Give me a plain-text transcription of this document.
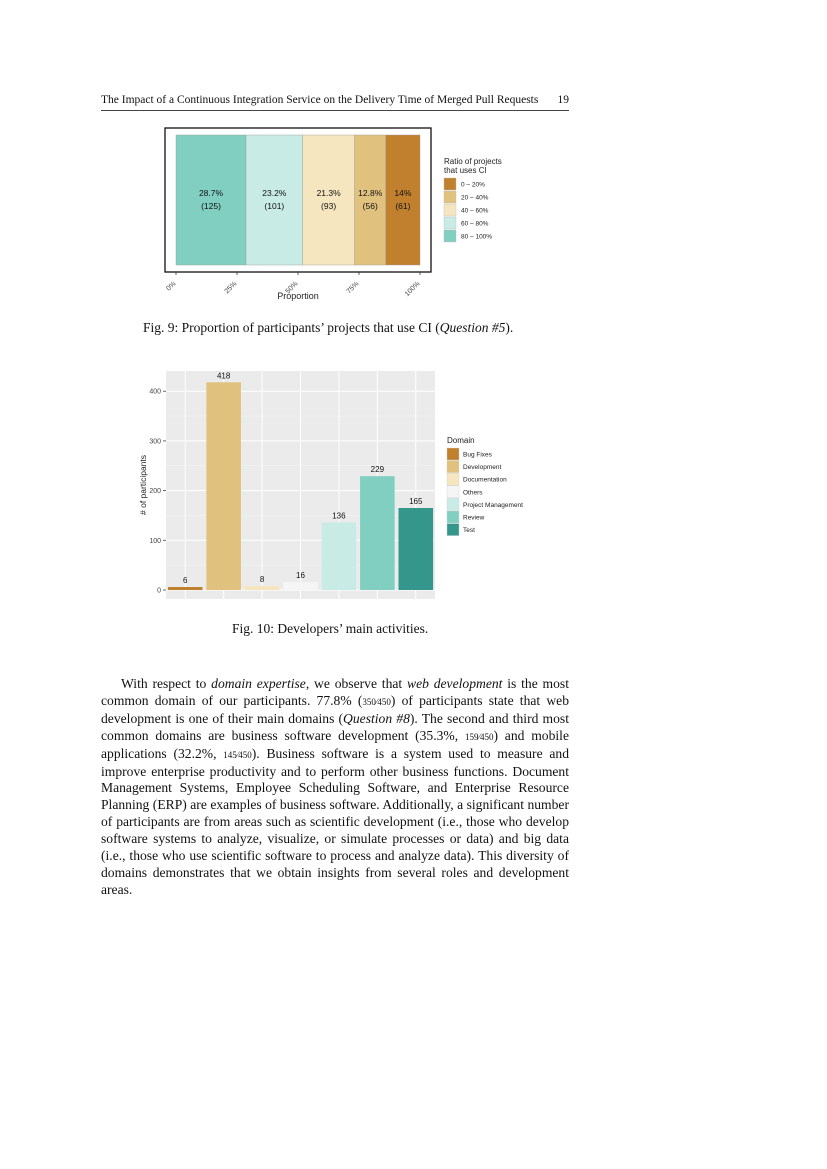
The Impact of a Continuous Integration Service on the Delivery Time of Merged Pull Requests 19
28.7%
(125)
23.2%
(101)
21.3%
(93)
12.8%
(56)
14%
(61)
0%	25%	50%	75%	100%
Proportion
Ratio of projects
that uses CI
0 – 20%
20 – 40%
40 – 60%
60 – 80%
80 – 100%
Fig. 9: Proportion of participants’ projects that use CI (Question #5).
0
100
200
300
400
6
418
8	16
136
229
165
# of participants
Domain
Bug Fixes
Development
Documentation
Others
Project Management
Review
Test
Fig. 10: Developers’ main activities.

With respect to domain expertise, we observe that web development is the most common domain of our participants. 77.8% (350⁄450) of participants state that web development is one of their main domains (Question #8). The second and third most common domains are business software development (35.3%, 159⁄450) and mobile applications (32.2%, 145⁄450). Business software is a system used to measure and improve enterprise productivity and to perform other business functions. Document Management Systems, Employee Scheduling Software, and Enterprise Resource Planning (ERP) are examples of business software. Additionally, a significant number of participants are from areas such as scientific development (i.e., those who develop software systems to analyze, visualize, or simulate processes or data) and big data (i.e., those who use scientific software to process and analyze data). This diversity of domains demonstrates that we obtain insights from several roles and development areas.
